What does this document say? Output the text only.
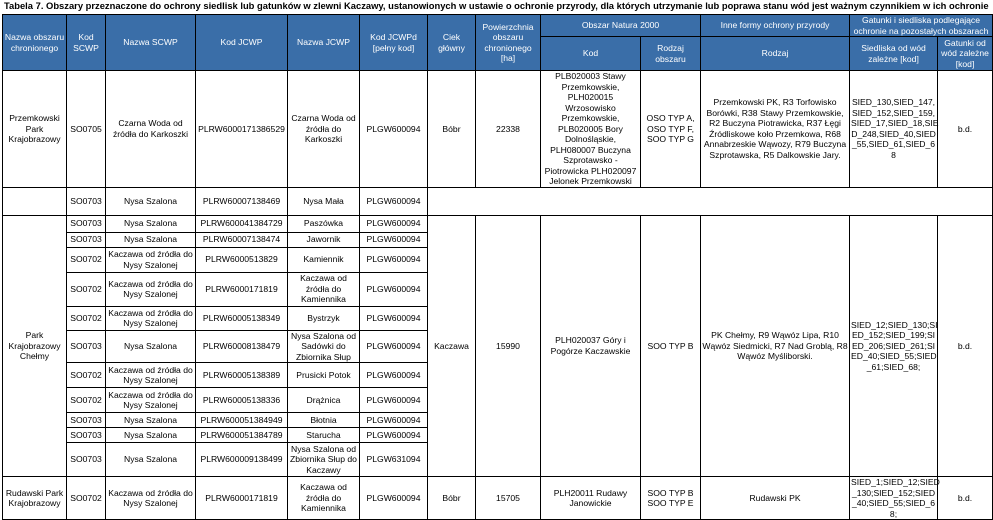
Tabela 7. Obszary przeznaczone do ochrony siedlisk lub gatunków w zlewni Kaczawy, ustanowionych w ustawie o ochronie przyrody, dla których utrzymanie lub poprawa stanu wód jest ważnym czynnikiem w ich ochronie
Nazwa obszaru chronionego	Kod SCWP	Nazwa SCWP	Kod JCWP	Nazwa JCWP	Kod JCWPd [pełny kod]	Ciek główny	Powierzchnia obszaru chronionego [ha]	Obszar Natura 2000		Inne formy ochrony przyrody	Gatunki i siedliska podlegające ochronie na pozostałych obszarach	
								Kod	Rodzaj obszaru	Rodzaj	Siedliska od wód zależne [kod]	Gatunki od wód zależne [kod]
Przemkowski Park Krajobrazowy	SO0705	Czarna Woda od źródła do Karkoszki	PLRW6000171386529	Czarna Woda od źródła do Karkoszki	PLGW600094	Bóbr	22338	PLB020003 Stawy Przemkowskie, PLH020015 Wrzosowisko Przemkowskie, PLB020005 Bory Dolnośląskie, PLH080007 Buczyna Szprotawsko - Piotrowicka PLH020097 Jelonek Przemkowski	OSO TYP A, OSO TYP F, SOO TYP G	Przemkowski PK, R3 Torfowisko Borówki, R38 Stawy Przemkowskie, R2 Buczyna Piotrawicka, R37 Łęgi Źródliskowe koło Przemkowa, R68 Annabrzeskie Wąwozy, R79 Buczyna Szprotawska, R5 Dalkowskie Jary.	SIED_130,SIED_147, SIED_152,SIED_159, SIED_17,SIED_18,SIE D_248,SIED_40,SIED _55,SIED_61,SIED_6 8	b.d.
	SO0703	Nysa Szalona	PLRW60007138469	Nysa Mała	PLGW600094							
Park Krajobrazowy Chełmy	SO0703	Nysa Szalona	PLRW600041384729	Paszówka	PLGW600094	Kaczawa	15990	PLH020037 Góry i Pogórze Kaczawskie	SOO TYP B	PK Chełmy, R9 Wąwóz Lipa, R10 Wąwóz Siedmicki, R7 Nad Groblą, R8 Wąwóz Myśliborski.	SIED_12;SIED_130;SI ED_152;SIED_199;SI ED_206;SIED_261;SI ED_40;SIED_55;SIED _61;SIED_68;	b.d.
	SO0703	Nysa Szalona	PLRW60007138474	Jawornik	PLGW600094							
	SO0702	Kaczawa od źródła do Nysy Szalonej	PLRW6000513829	Kamiennik	PLGW600094							
	SO0702	Kaczawa od źródła do Nysy Szalonej	PLRW6000171819	Kaczawa od źródła do Kamiennika	PLGW600094							
	SO0702	Kaczawa od źródła do Nysy Szalonej	PLRW60005138349	Bystrzyk	PLGW600094							
	SO0703	Nysa Szalona	PLRW60008138479	Nysa Szalona od Sadówki do Zbiornika Słup	PLGW600094							
	SO0702	Kaczawa od źródła do Nysy Szalonej	PLRW60005138389	Prusicki Potok	PLGW600094							
	SO0702	Kaczawa od źródła do Nysy Szalonej	PLRW60005138336	Drążnica	PLGW600094							
	SO0703	Nysa Szalona	PLRW600051384949	Błotnia	PLGW600094							
	SO0703	Nysa Szalona	PLRW600051384789	Starucha	PLGW600094							
	SO0703	Nysa Szalona	PLRW600009138499	Nysa Szalona od Zbiornika Słup do Kaczawy	PLGW631094							
Rudawski Park Krajobrazowy	SO0702	Kaczawa od źródła do Nysy Szalonej	PLRW6000171819	Kaczawa od źródła do Kamiennika	PLGW600094	Bóbr	15705	PLH20011 Rudawy Janowickie	SOO TYP B SOO TYP E	Rudawski PK	SIED_1;SIED_12;SIED _130;SIED_152;SIED _40;SIED_55;SIED_6 8;	b.d.
